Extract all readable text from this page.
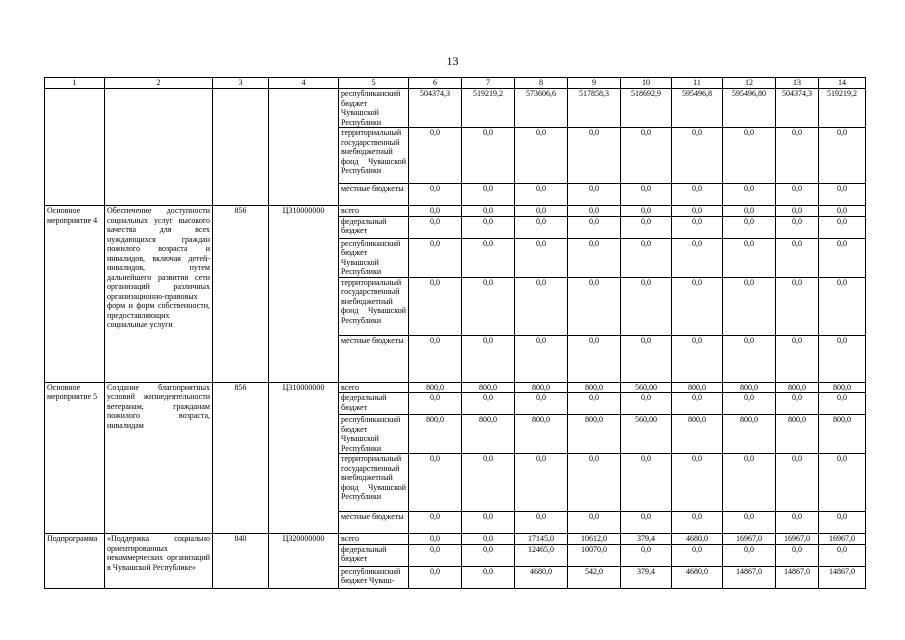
13
1	2	3	4	5	6	7	8	9	10	11	12	13	14
				республиканский бюджет Чувашской Республики	504374,3	519219,2	573606,6	517858,3	518692,9	595496,8	595496,80	504374,3	519219,2
				территориальный государственный внебюджетный фонд Чувашской Республики	0,0	0,0	0,0	0,0	0,0	0,0	0,0	0,0	0,0
				местные бюджеты	0,0	0,0	0,0	0,0	0,0	0,0	0,0	0,0	0,0
Основное мероприятие 4	Обеспечение доступности социальных услуг высокого качества для всех нуждающихся граждан пожилого возраста и инвалидов, включая детей-инвалидов, путем дальнейшего развития сети организаций различных организационно-правовых форм и форм собственности, предоставляющих социальные услуги	856	Ц310000000	всего	0,0	0,0	0,0	0,0	0,0	0,0	0,0	0,0	0,0
				федеральный бюджет	0,0	0,0	0,0	0,0	0,0	0,0	0,0	0,0	0,0
				республиканский бюджет Чувашской Республики	0,0	0,0	0,0	0,0	0,0	0,0	0,0	0,0	0,0
				территориальный государственный внебюджетный фонд Чувашской Республики	0,0	0,0	0,0	0,0	0,0	0,0	0,0	0,0	0,0
				местные бюджеты	0,0	0,0	0,0	0,0	0,0	0,0	0,0	0,0	0,0
Основное мероприятие 5	Создание благоприятных условий жизнедеятельности ветеранам, гражданам пожилого возраста, инвалидам	856	Ц310000000	всего	800,0	800,0	800,0	800,0	560,00	800,0	800,0	800,0	800,0
				федеральный бюджет	0,0	0,0	0,0	0,0	0,0	0,0	0,0	0,0	0,0
				республиканский бюджет Чувашской Республики	800,0	800,0	800,0	800,0	560,00	800,0	800,0	800,0	800,0
				территориальный государственный внебюджетный фонд Чувашской Республики	0,0	0,0	0,0	0,0	0,0	0,0	0,0	0,0	0,0
				местные бюджеты	0,0	0,0	0,0	0,0	0,0	0,0	0,0	0,0	0,0
Подпрограмма	«Поддержка социально ориентированных некоммерческих организаций в Чувашской Республике»	840	Ц320000000	всего	0,0	0,0	17145,0	10612,0	379,4	4680,0	16967,0	16967,0	16967,0
				федеральный бюджет	0,0	0,0	12465,0	10070,0	0,0	0,0	0,0	0,0	0,0
				республиканский бюджет Чуваш-	0,0	0,0	4680,0	542,0	379,4	4680,0	14867,0	14867,0	14867,0
